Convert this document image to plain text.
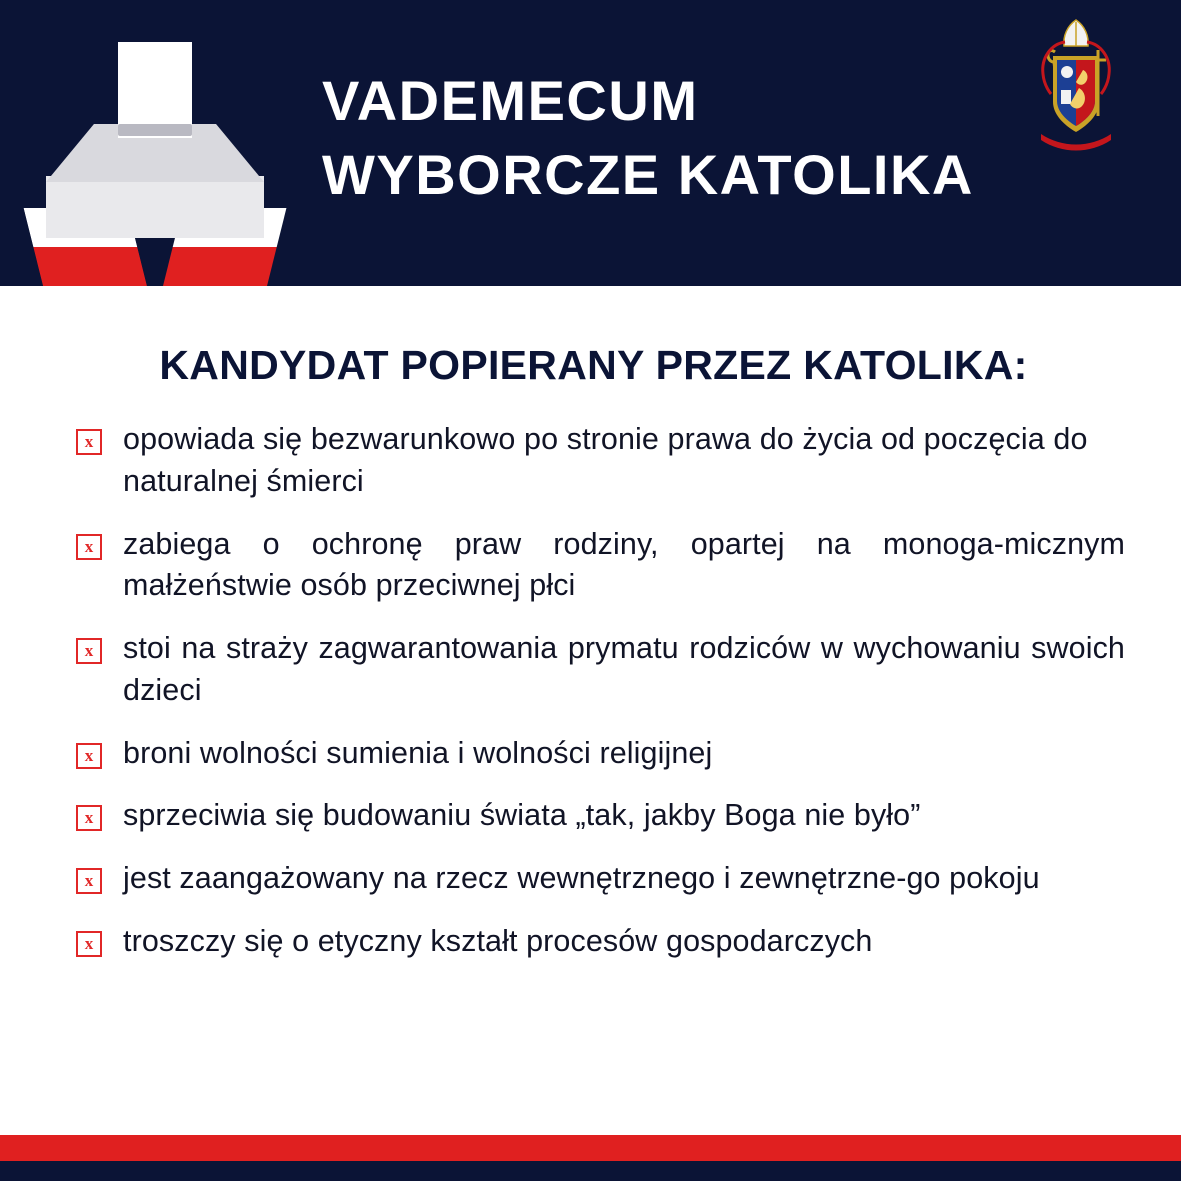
VADEMECUM
WYBORCZE KATOLIKA
KANDYDAT POPIERANY PRZEZ KATOLIKA:
x opowiada się bezwarunkowo po stronie prawa do życia od poczęcia do naturalnej śmierci
x zabiega o ochronę praw rodziny, opartej na monoga-micznym małżeństwie osób przeciwnej płci
x stoi na straży zagwarantowania prymatu rodziców w wychowaniu swoich dzieci
x broni wolności sumienia i wolności religijnej
x sprzeciwia się budowaniu świata „tak, jakby Boga nie było”
x jest zaangażowany na rzecz wewnętrznego i zewnętrzne-go pokoju
x troszczy się o etyczny kształt procesów gospodarczych
